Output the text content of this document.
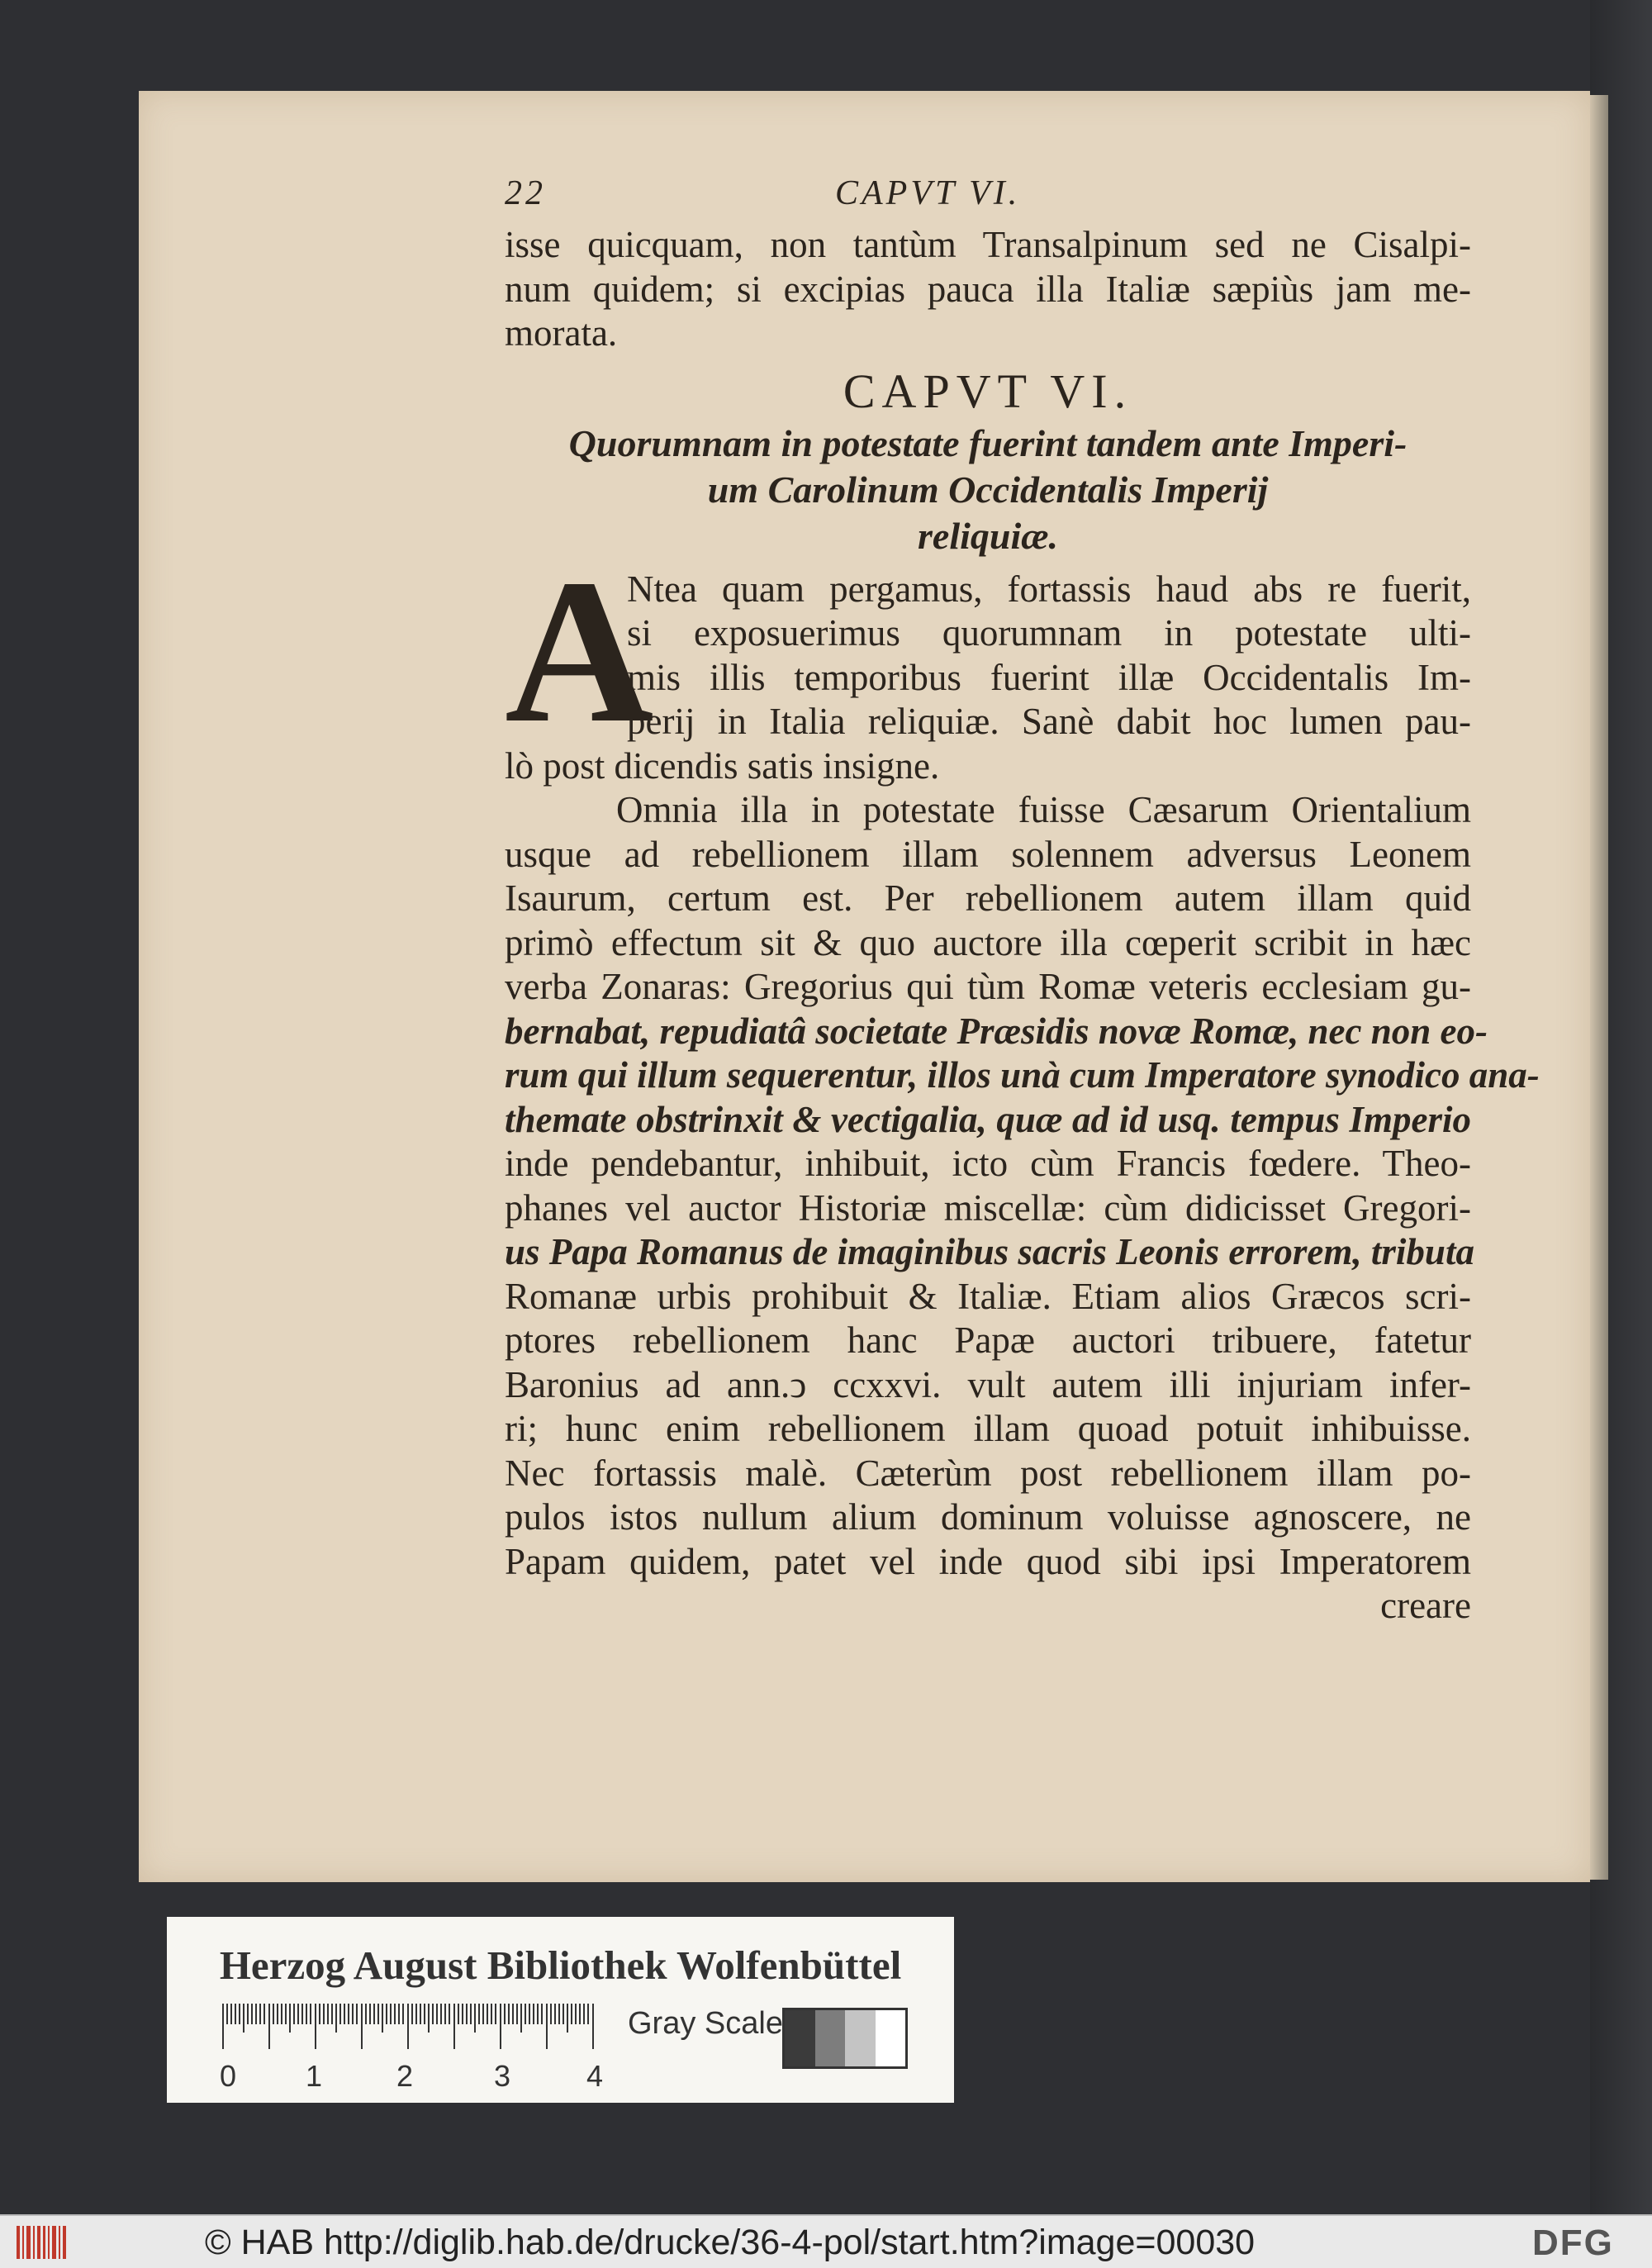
22	CAPVT VI.
isse quicquam, non tantùm Transalpinum sed ne Cisalpi-
num quidem; si excipias pauca illa Italiæ sæpiùs jam me-
morata.
CAPVT VI.
Quorumnam in potestate fuerint tandem ante Imperi-
um Carolinum Occidentalis Imperij
reliquiæ.
A
Ntea quam pergamus, fortassis haud abs re fuerit,
si exposuerimus quorumnam in potestate ulti-
mis illis temporibus fuerint illæ Occidentalis Im-
perij in Italia reliquiæ. Sanè dabit hoc lumen pau-
lò post dicendis satis insigne.
Omnia illa in potestate fuisse Cæsarum Orientalium
usque ad rebellionem illam solennem adversus Leonem
Isaurum, certum est. Per rebellionem autem illam quid
primò effectum sit & quo auctore illa cœperit scribit in hæc
verba Zonaras: Gregorius qui tùm Romæ veteris ecclesiam gu-
bernabat, repudiatâ societate Præsidis novæ Romæ, nec non eo-
rum qui illum sequerentur, illos unà cum Imperatore synodico ana-
themate obstrinxit & vectigalia, quæ ad id usq. tempus Imperio
inde pendebantur, inhibuit, icto cùm Francis fœdere. Theo-
phanes vel auctor Historiæ miscellæ: cùm didicisset Gregori-
us Papa Romanus de imaginibus sacris Leonis errorem, tributa
Romanæ urbis prohibuit & Italiæ. Etiam alios Græcos scri-
ptores rebellionem hanc Papæ auctori tribuere, fatetur
Baronius ad ann.ↄ ccxxvi. vult autem illi injuriam infer-
ri; hunc enim rebellionem illam quoad potuit inhibuisse.
Nec fortassis malè. Cæterùm post rebellionem illam po-
pulos istos nullum alium dominum voluisse agnoscere, ne
Papam quidem, patet vel inde quod sibi ipsi Imperatorem
creare
Herzog August Bibliothek Wolfenbüttel
0 1 2	3	4
Gray Scale
© HAB http://diglib.hab.de/drucke/36-4-pol/start.htm?image=00030	DFG
